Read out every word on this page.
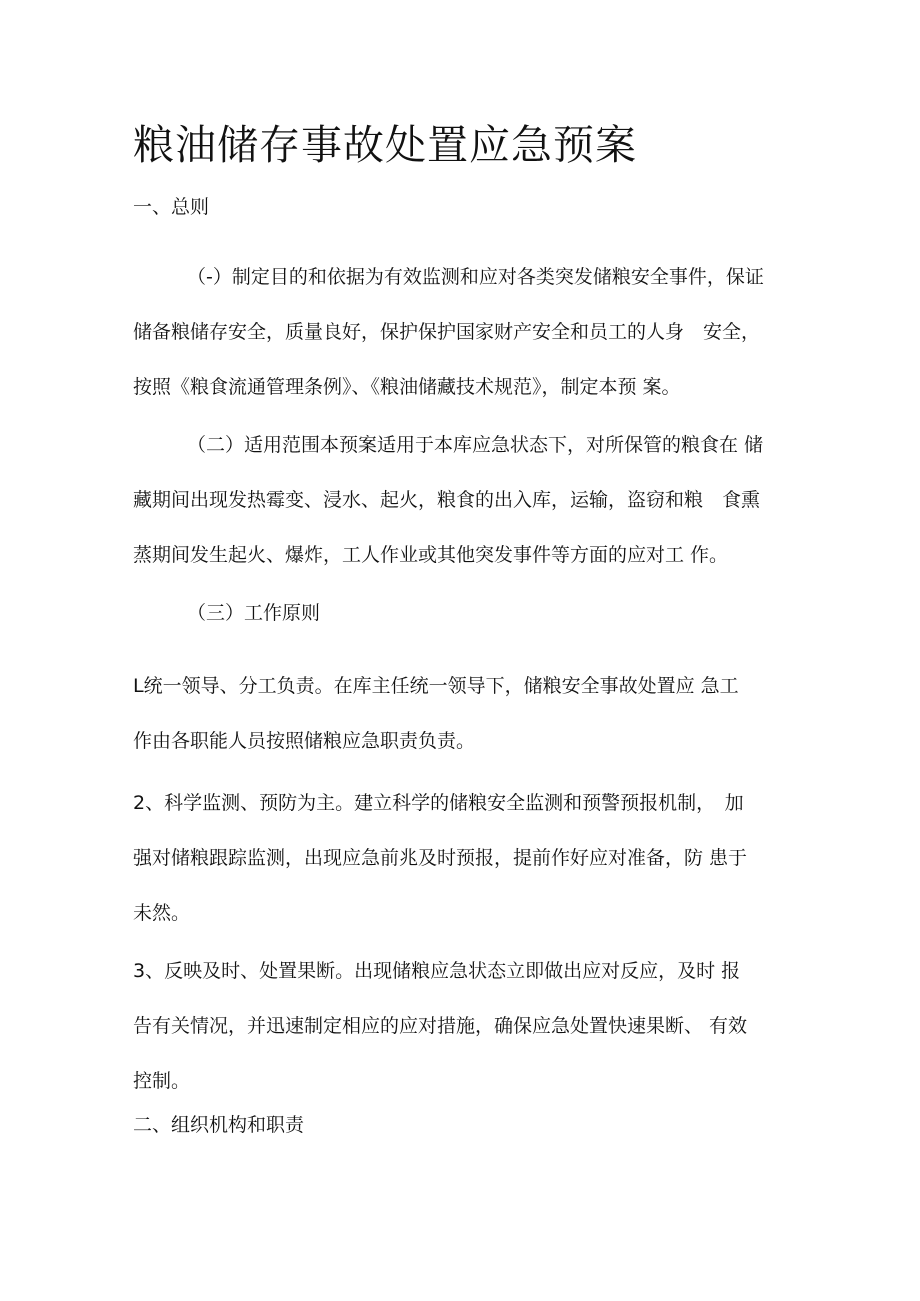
粮油储存事故处置应急预案
一、总则
（-）制定目的和依据为有效监测和应对各类突发储粮安全事件，保证
储备粮储存安全，质量良好，保护保护国家财产安全和员工的人身　安全，
按照《粮食流通管理条例》、《粮油储藏技术规范》，制定本预 案。
（二）适用范围本预案适用于本库应急状态下，对所保管的粮食在 储
藏期间出现发热霉变、浸水、起火，粮食的出入库，运输，盗窃和粮　食熏
蒸期间发生起火、爆炸，工人作业或其他突发事件等方面的应对工 作。
（三）工作原则
L统一领导、分工负责。在库主任统一领导下，储粮安全事故处置应 急工
作由各职能人员按照储粮应急职责负责。
2、科学监测、预防为主。建立科学的储粮安全监测和预警预报机制，　加
强对储粮跟踪监测，出现应急前兆及时预报，提前作好应对准备，防 患于
未然。
3、反映及时、处置果断。出现储粮应急状态立即做出应对反应，及时 报
告有关情况，并迅速制定相应的应对措施，确保应急处置快速果断、 有效
控制。
二、组织机构和职责
